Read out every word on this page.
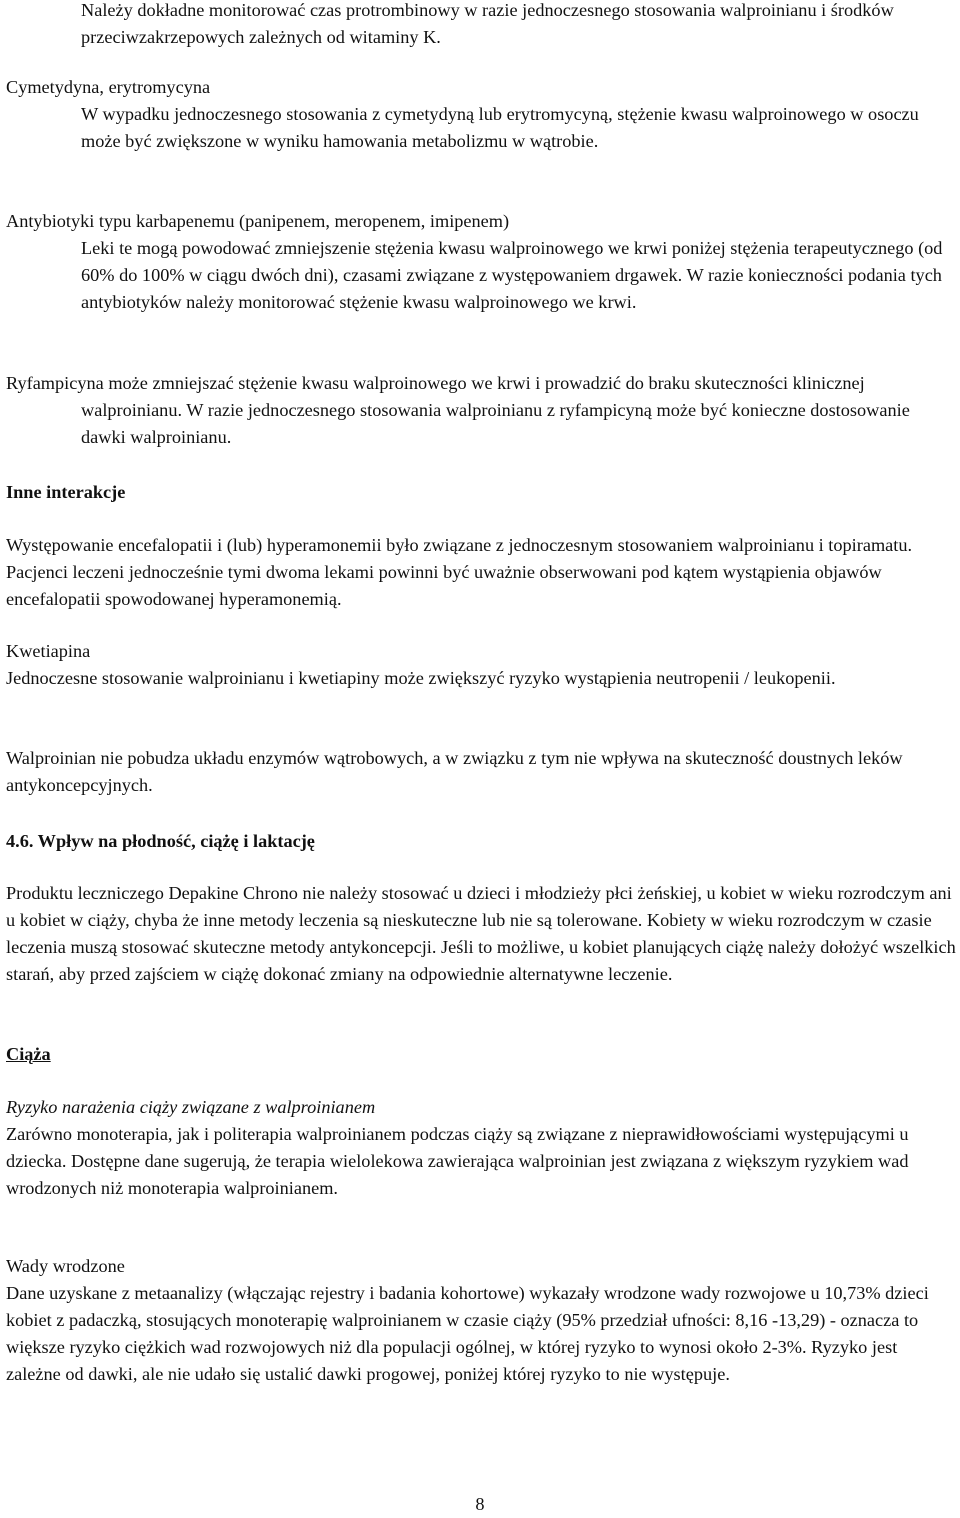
Należy dokładne monitorować czas protrombinowy w razie jednoczesnego stosowania walproinianu i środków przeciwzakrzepowych zależnych od witaminy K.

Cymetydyna, erytromycyna

W wypadku jednoczesnego stosowania z cymetydyną lub erytromycyną, stężenie kwasu walproinowego w osoczu może być zwiększone w wyniku hamowania metabolizmu w wątrobie.

Antybiotyki typu karbapenemu (panipenem, meropenem, imipenem)

Leki te mogą powodować zmniejszenie stężenia kwasu walproinowego we krwi poniżej stężenia terapeutycznego (od 60% do 100% w ciągu dwóch dni), czasami związane z występowaniem drgawek. W razie konieczności podania tych antybiotyków należy monitorować stężenie kwasu walproinowego we krwi.

Ryfampicyna może zmniejszać stężenie kwasu walproinowego we krwi i prowadzić do braku skuteczności klinicznej walproinianu. W razie jednoczesnego stosowania walproinianu z ryfampicyną może być konieczne dostosowanie dawki walproinianu.

Inne interakcje

Występowanie encefalopatii i (lub) hyperamonemii było związane z jednoczesnym stosowaniem walproinianu i topiramatu. Pacjenci leczeni jednocześnie tymi dwoma lekami powinni być uważnie obserwowani pod kątem wystąpienia objawów encefalopatii spowodowanej hyperamonemią.

Kwetiapina

Jednoczesne stosowanie walproinianu i kwetiapiny może zwiększyć ryzyko wystąpienia neutropenii / leukopenii.

Walproinian nie pobudza układu enzymów wątrobowych, a w związku z tym nie wpływa na skuteczność doustnych leków antykoncepcyjnych.

4.6. Wpływ na płodność, ciążę i laktację

Produktu leczniczego Depakine Chrono nie należy stosować u dzieci i młodzieży płci żeńskiej, u kobiet w wieku rozrodczym ani u kobiet w ciąży, chyba że inne metody leczenia są nieskuteczne lub nie są tolerowane. Kobiety w wieku rozrodczym w czasie leczenia muszą stosować skuteczne metody antykoncepcji. Jeśli to możliwe, u kobiet planujących ciążę należy dołożyć wszelkich starań, aby przed zajściem w ciążę dokonać zmiany na odpowiednie alternatywne leczenie.

Ciąża

Ryzyko narażenia ciąży związane z walproinianem

Zarówno monoterapia, jak i politerapia walproinianem podczas ciąży są związane z nieprawidłowościami występującymi u dziecka. Dostępne dane sugerują, że terapia wielolekowa zawierająca walproinian jest związana z większym ryzykiem wad wrodzonych niż monoterapia walproinianem.

Wady wrodzone

Dane uzyskane z metaanalizy (włączając rejestry i badania kohortowe) wykazały wrodzone wady rozwojowe u 10,73% dzieci kobiet z padaczką, stosujących monoterapię walproinianem w czasie ciąży (95% przedział ufności: 8,16 -13,29) - oznacza to większe ryzyko ciężkich wad rozwojowych niż dla populacji ogólnej, w której ryzyko to wynosi około 2-3%. Ryzyko jest zależne od dawki, ale nie udało się ustalić dawki progowej, poniżej której ryzyko to nie występuje.

8
